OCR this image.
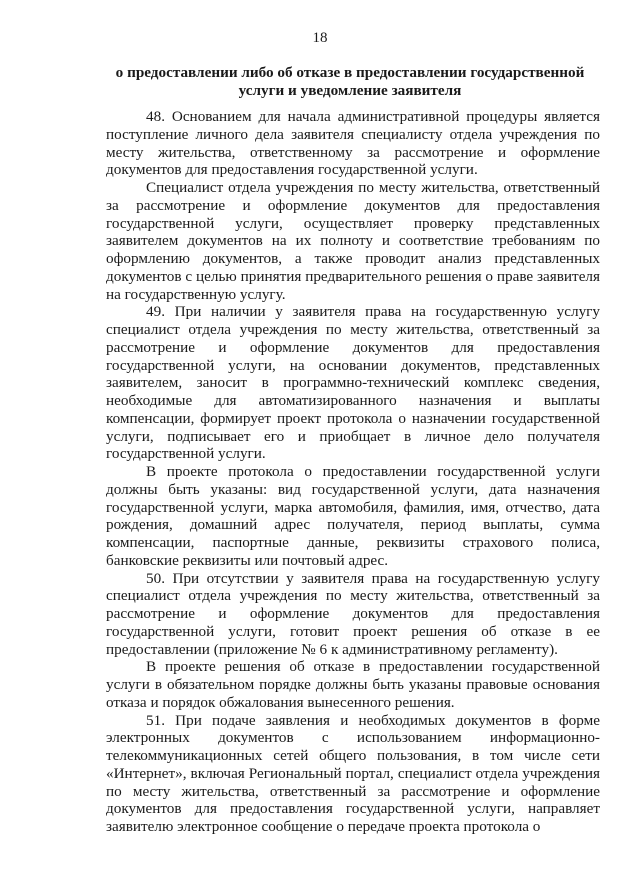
18
о предоставлении либо об отказе в предоставлении государственной
услуги и уведомление заявителя

48. Основанием для начала административной процедуры является поступление личного дела заявителя специалисту отдела учреждения по месту жительства, ответственному за рассмотрение и оформление документов для предоставления государственной услуги.

Специалист отдела учреждения по месту жительства, ответственный за рассмотрение и оформление документов для предоставления государственной услуги, осуществляет проверку представленных заявителем документов на их полноту и соответствие требованиям по оформлению документов, а также проводит анализ представленных документов с целью принятия предварительного решения о праве заявителя на государственную услугу.

49. При наличии у заявителя права на государственную услугу специалист отдела учреждения по месту жительства, ответственный за рассмотрение и оформление документов для предоставления государственной услуги, на основании документов, представленных заявителем, заносит в программно-технический комплекс сведения, необходимые для автоматизированного назначения и выплаты компенсации, формирует проект протокола о назначении государственной услуги, подписывает его и приобщает в личное дело получателя государственной услуги.

В проекте протокола о предоставлении государственной услуги должны быть указаны: вид государственной услуги, дата назначения государственной услуги, марка автомобиля, фамилия, имя, отчество, дата рождения, домашний адрес получателя, период выплаты, сумма компенсации, паспортные данные, реквизиты страхового полиса, банковские реквизиты или почтовый адрес.

50. При отсутствии у заявителя права на государственную услугу специалист отдела учреждения по месту жительства, ответственный за рассмотрение и оформление документов для предоставления государственной услуги, готовит проект решения об отказе в ее предоставлении (приложение № 6 к административному регламенту).

В проекте решения об отказе в предоставлении государственной услуги в обязательном порядке должны быть указаны правовые основания отказа и порядок обжалования вынесенного решения.

51. При подаче заявления и необходимых документов в форме электронных документов с использованием информационно-телекоммуникационных сетей общего пользования, в том числе сети «Интернет», включая Региональный портал, специалист отдела учреждения по месту жительства, ответственный за рассмотрение и оформление документов для предоставления государственной услуги, направляет заявителю электронное сообщение о передаче проекта протокола о
